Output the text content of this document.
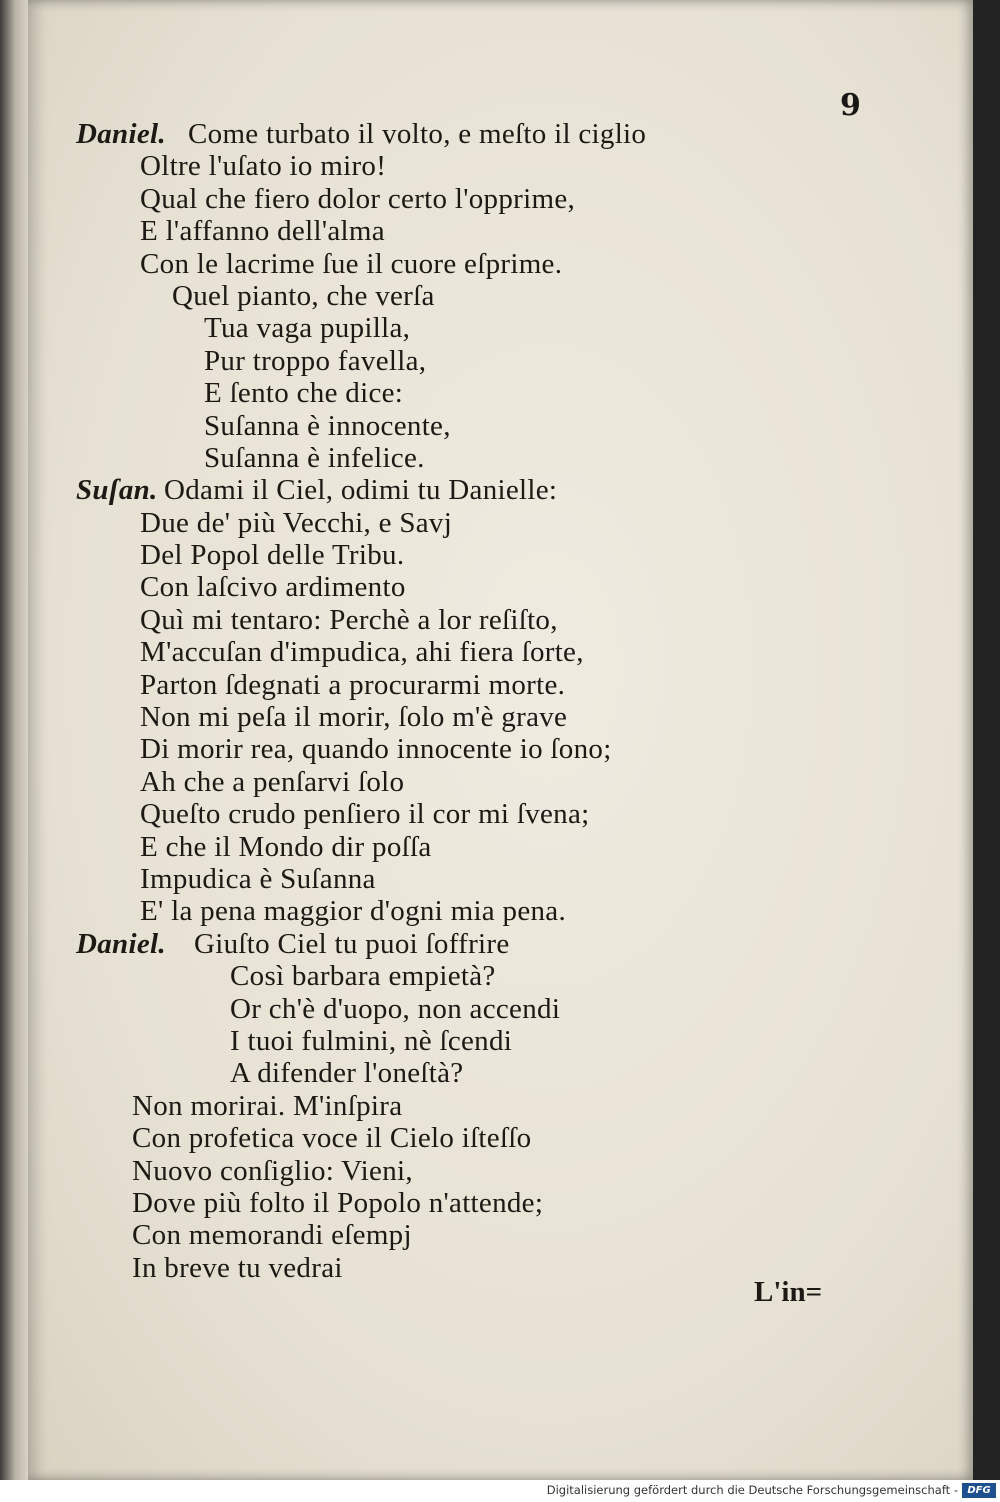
9
Daniel. Come turbato il volto, e meſto il ciglio
Oltre l'uſato io miro!
Qual che fiero dolor certo l'opprime,
E l'affanno dell'alma
Con le lacrime ſue il cuore eſprime.
Quel pianto, che verſa
Tua vaga pupilla,
Pur troppo favella,
E ſento che dice:
Suſanna è innocente,
Suſanna è infelice.
Suſan. Odami il Ciel, odimi tu Danielle:
Due de' più Vecchi, e Savj
Del Popol delle Tribu.
Con laſcivo ardimento
Quì mi tentaro: Perchè a lor reſiſto,
M'accuſan d'impudica, ahi fiera ſorte,
Parton ſdegnati a procurarmi morte.
Non mi peſa il morir, ſolo m'è grave
Di morir rea, quando innocente io ſono;
Ah che a penſarvi ſolo
Queſto crudo penſiero il cor mi ſvena;
E che il Mondo dir poſſa
Impudica è Suſanna
E' la pena maggior d'ogni mia pena.
Daniel. Giuſto Ciel tu puoi ſoffrire
Così barbara empietà?
Or ch'è d'uopo, non accendi
I tuoi fulmini, nè ſcendi
A difender l'oneſtà?
Non morirai. M'inſpira
Con profetica voce il Cielo iſteſſo
Nuovo conſiglio: Vieni,
Dove più folto il Popolo n'attende;
Con memorandi eſempj
In breve tu vedrai
L'in=
Digitalisierung gefördert durch die Deutsche Forschungsgemeinschaft - DFG
